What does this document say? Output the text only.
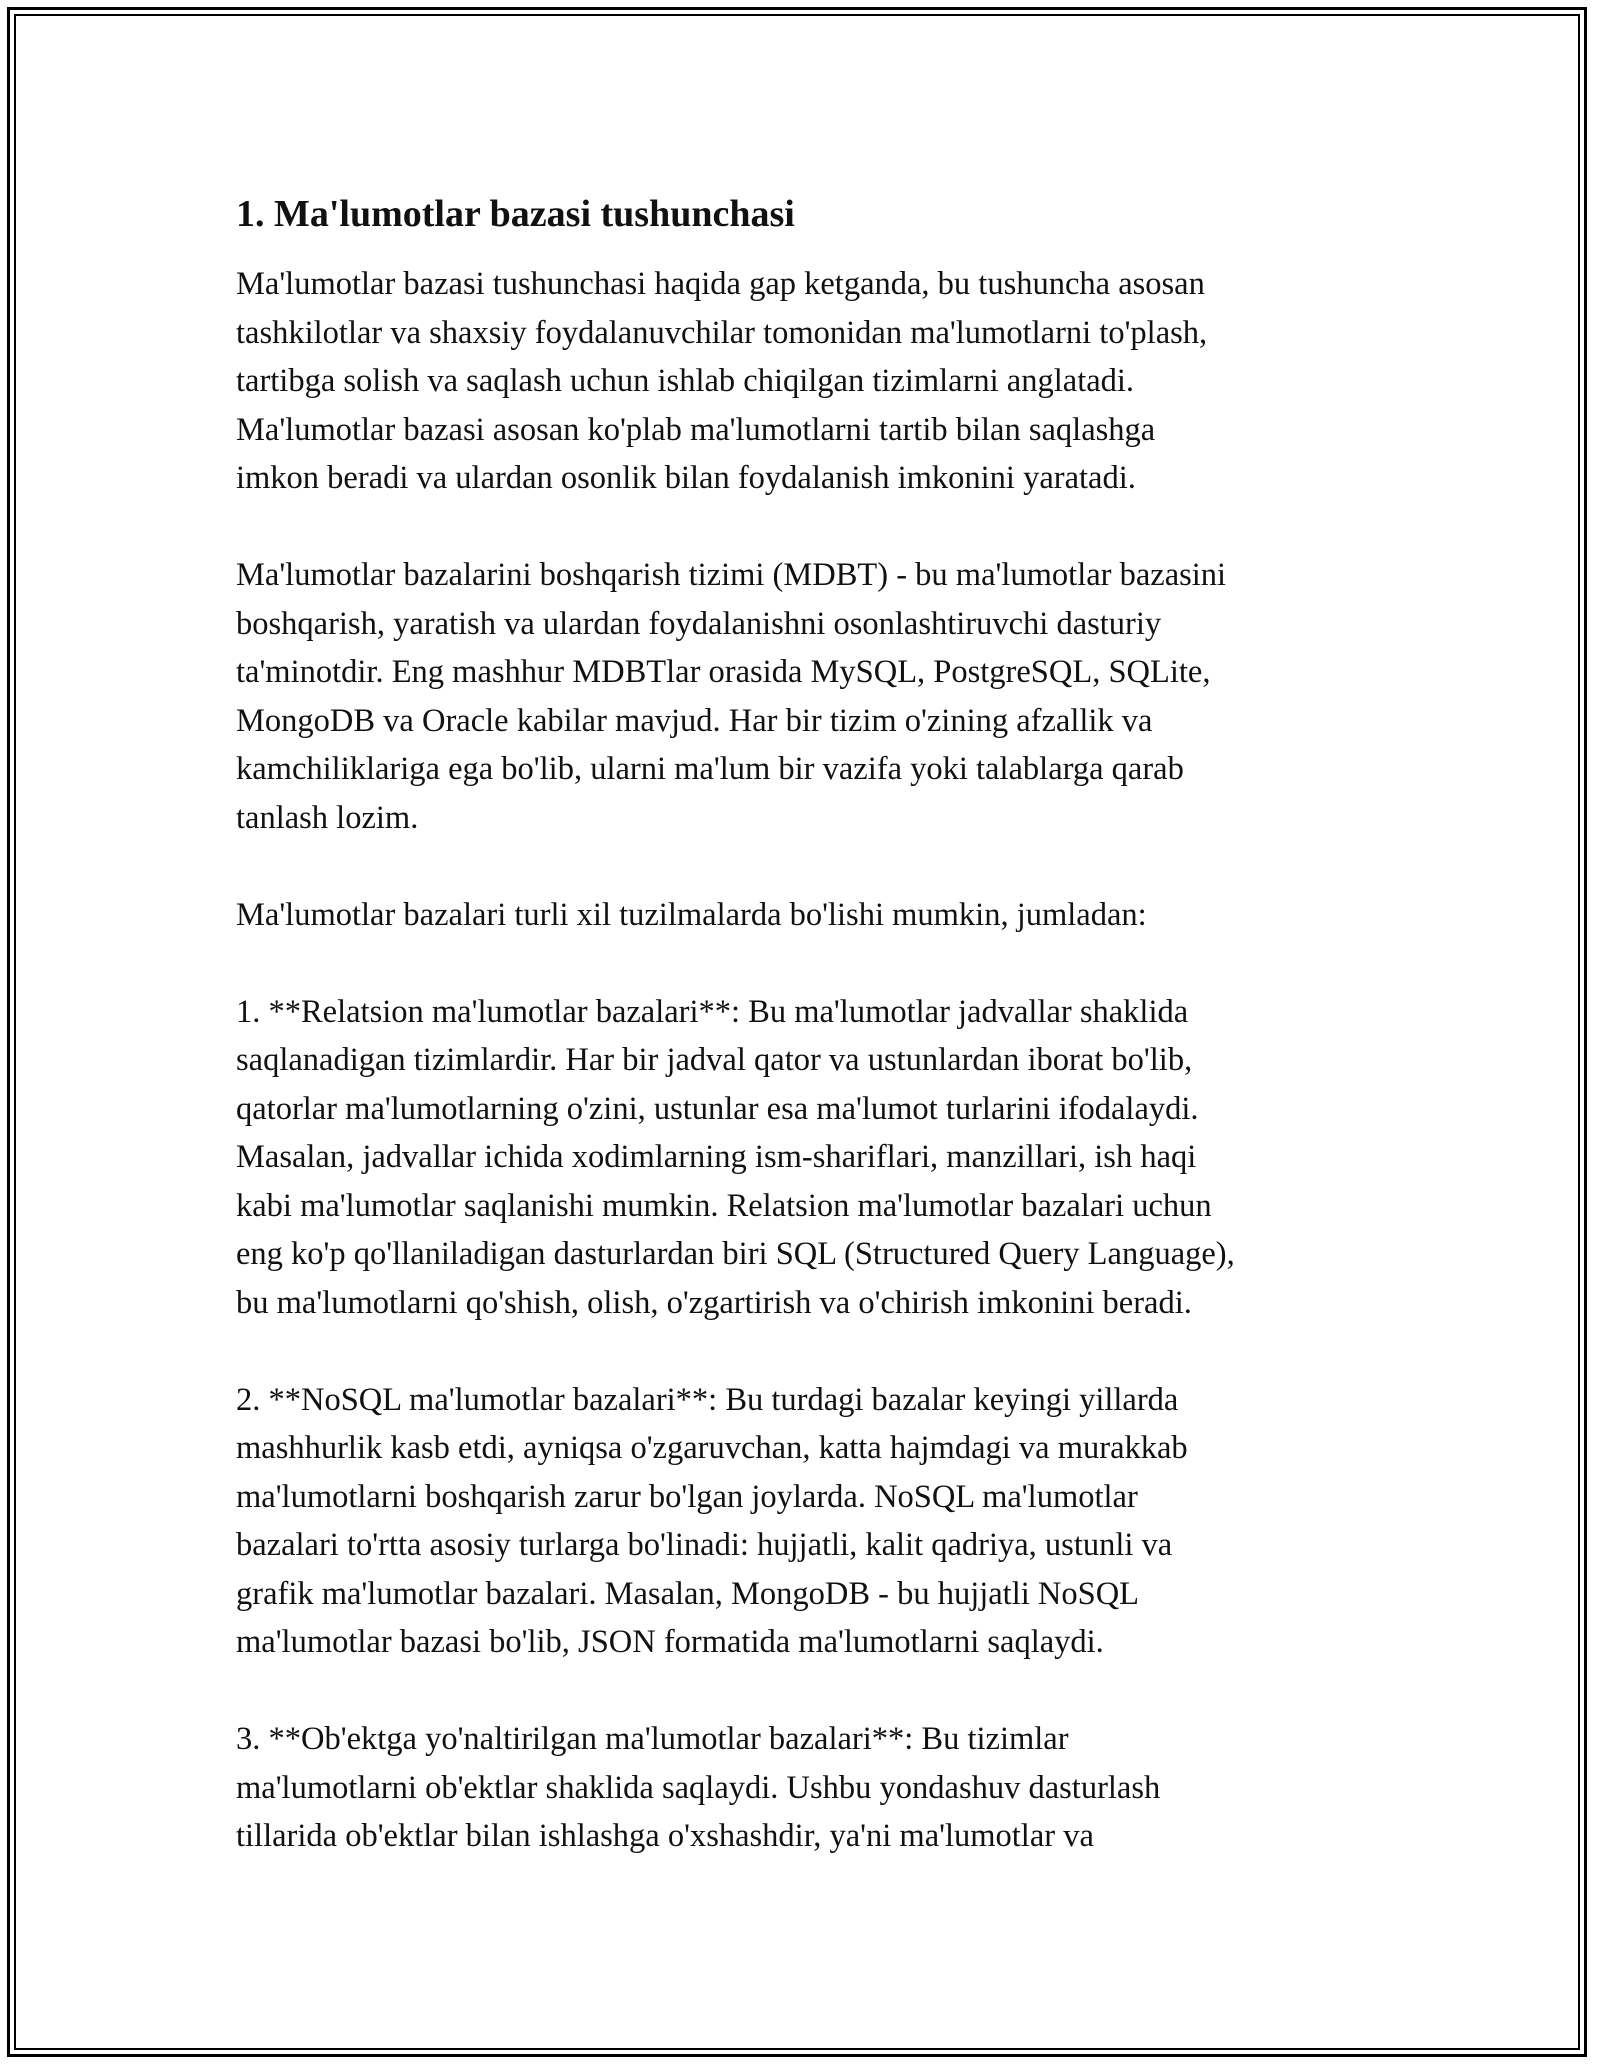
1. Ma'lumotlar bazasi tushunchasi

Ma'lumotlar bazasi tushunchasi haqida gap ketganda, bu tushuncha asosan
tashkilotlar va shaxsiy foydalanuvchilar tomonidan ma'lumotlarni to'plash,
tartibga solish va saqlash uchun ishlab chiqilgan tizimlarni anglatadi.
Ma'lumotlar bazasi asosan ko'plab ma'lumotlarni tartib bilan saqlashga
imkon beradi va ulardan osonlik bilan foydalanish imkonini yaratadi.

Ma'lumotlar bazalarini boshqarish tizimi (MDBT) - bu ma'lumotlar bazasini
boshqarish, yaratish va ulardan foydalanishni osonlashtiruvchi dasturiy
ta'minotdir. Eng mashhur MDBTlar orasida MySQL, PostgreSQL, SQLite,
MongoDB va Oracle kabilar mavjud. Har bir tizim o'zining afzallik va
kamchiliklariga ega bo'lib, ularni ma'lum bir vazifa yoki talablarga qarab
tanlash lozim.

Ma'lumotlar bazalari turli xil tuzilmalarda bo'lishi mumkin, jumladan:

1. **Relatsion ma'lumotlar bazalari**: Bu ma'lumotlar jadvallar shaklida
saqlanadigan tizimlardir. Har bir jadval qator va ustunlardan iborat bo'lib,
qatorlar ma'lumotlarning o'zini, ustunlar esa ma'lumot turlarini ifodalaydi.
Masalan, jadvallar ichida xodimlarning ism-shariflari, manzillari, ish haqi
kabi ma'lumotlar saqlanishi mumkin. Relatsion ma'lumotlar bazalari uchun
eng ko'p qo'llaniladigan dasturlardan biri SQL (Structured Query Language),
bu ma'lumotlarni qo'shish, olish, o'zgartirish va o'chirish imkonini beradi.

2. **NoSQL ma'lumotlar bazalari**: Bu turdagi bazalar keyingi yillarda
mashhurlik kasb etdi, ayniqsa o'zgaruvchan, katta hajmdagi va murakkab
ma'lumotlarni boshqarish zarur bo'lgan joylarda. NoSQL ma'lumotlar
bazalari to'rtta asosiy turlarga bo'linadi: hujjatli, kalit qadriya, ustunli va
grafik ma'lumotlar bazalari. Masalan, MongoDB - bu hujjatli NoSQL
ma'lumotlar bazasi bo'lib, JSON formatida ma'lumotlarni saqlaydi.

3. **Ob'ektga yo'naltirilgan ma'lumotlar bazalari**: Bu tizimlar
ma'lumotlarni ob'ektlar shaklida saqlaydi. Ushbu yondashuv dasturlash
tillarida ob'ektlar bilan ishlashga o'xshashdir, ya'ni ma'lumotlar va
